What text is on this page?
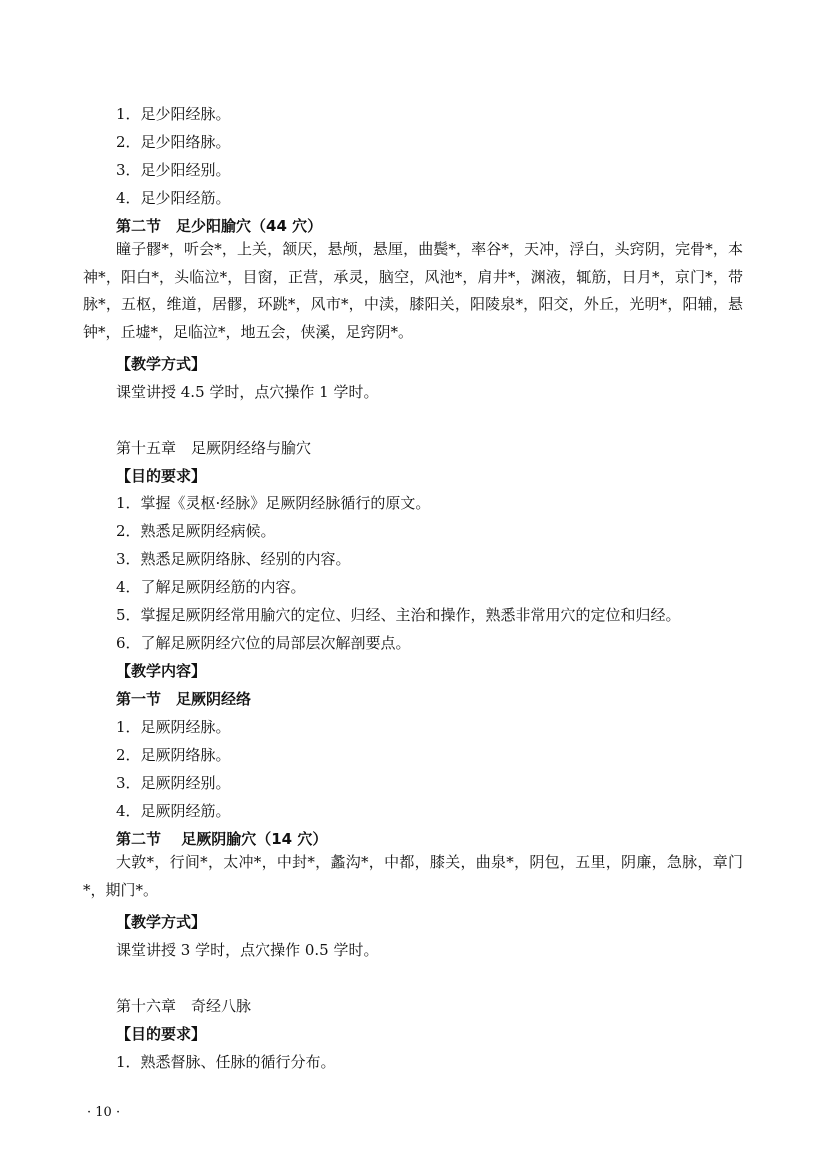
1．足少阳经脉。

2．足少阳络脉。

3．足少阳经别。

4．足少阳经筋。

第二节　足少阳腧穴（44 穴）

瞳子髎*，听会*，上关，颔厌，悬颅，悬厘，曲鬓*，率谷*，天冲，浮白，头窍阴，完骨*，本神*，阳白*，头临泣*，目窗，正营，承灵，脑空，风池*，肩井*，渊液，辄筋，日月*，京门*，带脉*，五枢，维道，居髎，环跳*，风市*，中渎，膝阳关，阳陵泉*，阳交，外丘，光明*，阳辅，悬钟*，丘墟*，足临泣*，地五会，侠溪，足窍阴*。

【教学方式】

课堂讲授 4.5 学时，点穴操作 1 学时。

第十五章　足厥阴经络与腧穴

【目的要求】

1．掌握《灵枢·经脉》足厥阴经脉循行的原文。

2．熟悉足厥阴经病候。

3．熟悉足厥阴络脉、经别的内容。

4．了解足厥阴经筋的内容。

5．掌握足厥阴经常用腧穴的定位、归经、主治和操作，熟悉非常用穴的定位和归经。

6．了解足厥阴经穴位的局部层次解剖要点。

【教学内容】

第一节　足厥阴经络

1．足厥阴经脉。

2．足厥阴络脉。

3．足厥阴经别。

4．足厥阴经筋。

第二节　 足厥阴腧穴（14 穴）

大敦*，行间*，太冲*，中封*，蠡沟*，中都，膝关，曲泉*，阴包，五里，阴廉，急脉，章门*，期门*。

【教学方式】

课堂讲授 3 学时，点穴操作 0.5 学时。

第十六章　奇经八脉

【目的要求】

1．熟悉督脉、任脉的循行分布。

· 10 ·
